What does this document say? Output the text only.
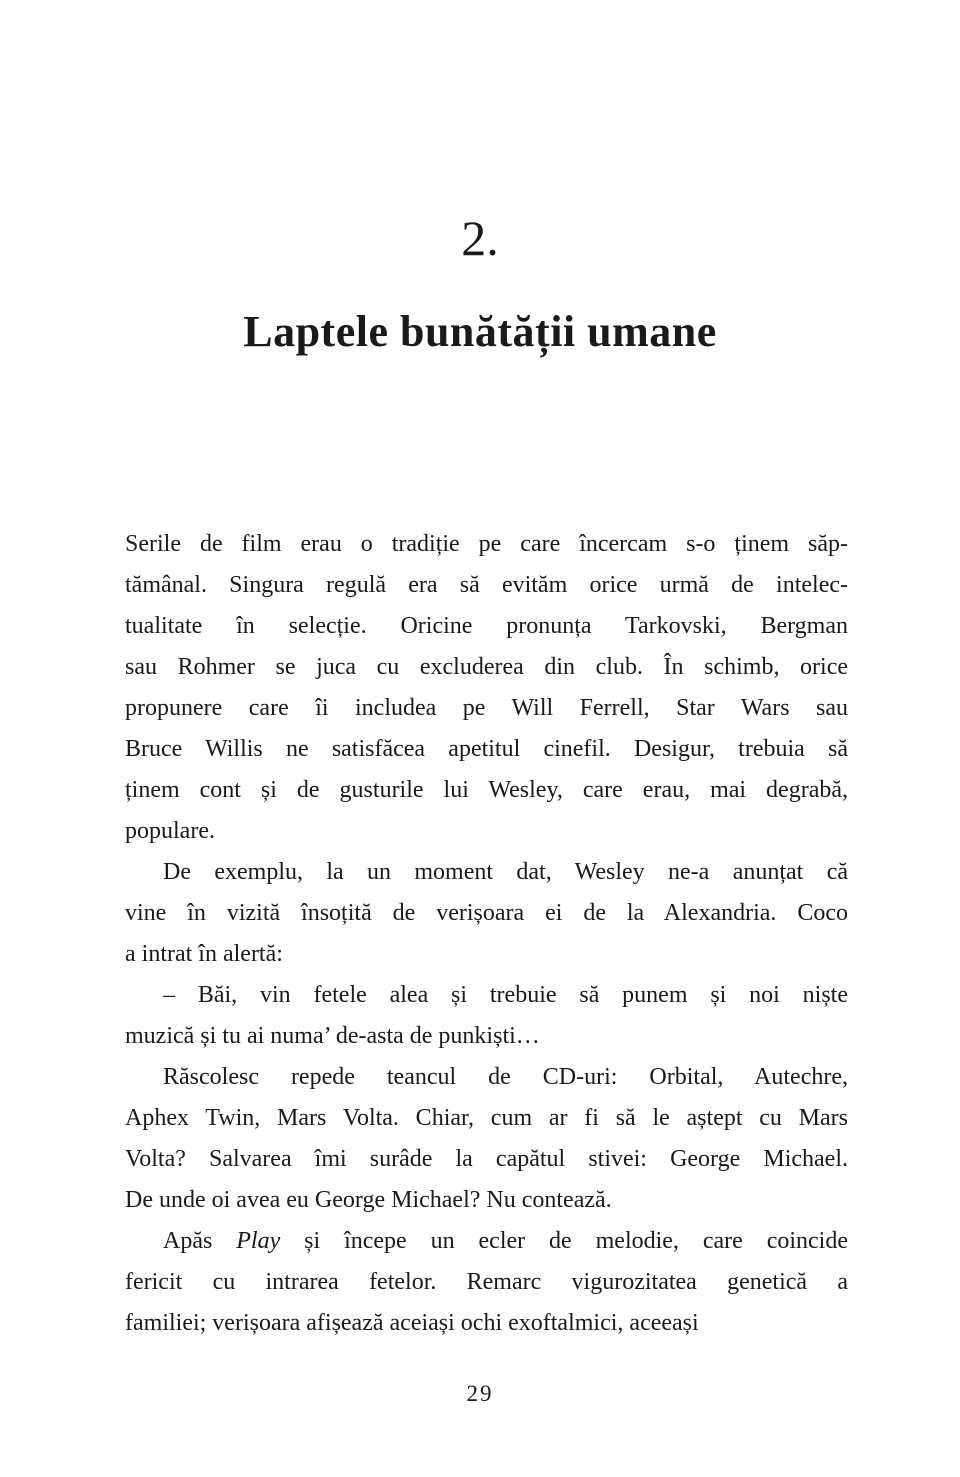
2.
Laptele bunătății umane
Serile de film erau o tradiție pe care încercam s-o ținem săp-
tămânal. Singura regulă era să evităm orice urmă de intelec-
tualitate în selecție. Oricine pronunța Tarkovski, Bergman
sau Rohmer se juca cu excluderea din club. În schimb, orice
propunere care îi includea pe Will Ferrell, Star Wars sau
Bruce Willis ne satisfăcea apetitul cinefil. Desigur, trebuia să
ținem cont și de gusturile lui Wesley, care erau, mai degrabă,
populare.
De exemplu, la un moment dat, Wesley ne-a anunțat că
vine în vizită însoțită de verișoara ei de la Alexandria. Coco
a intrat în alertă:
– Băi, vin fetele alea și trebuie să punem și noi niște
muzică și tu ai numa’ de-asta de punkiști…
Răscolesc repede teancul de CD-uri: Orbital, Autechre,
Aphex Twin, Mars Volta. Chiar, cum ar fi să le aștept cu Mars
Volta? Salvarea îmi surâde la capătul stivei: George Michael.
De unde oi avea eu George Michael? Nu contează.
Apăs Play și începe un ecler de melodie, care coincide
fericit cu intrarea fetelor. Remarc vigurozitatea genetică a
familiei; verișoara afișează aceiași ochi exoftalmici, aceeași
29
